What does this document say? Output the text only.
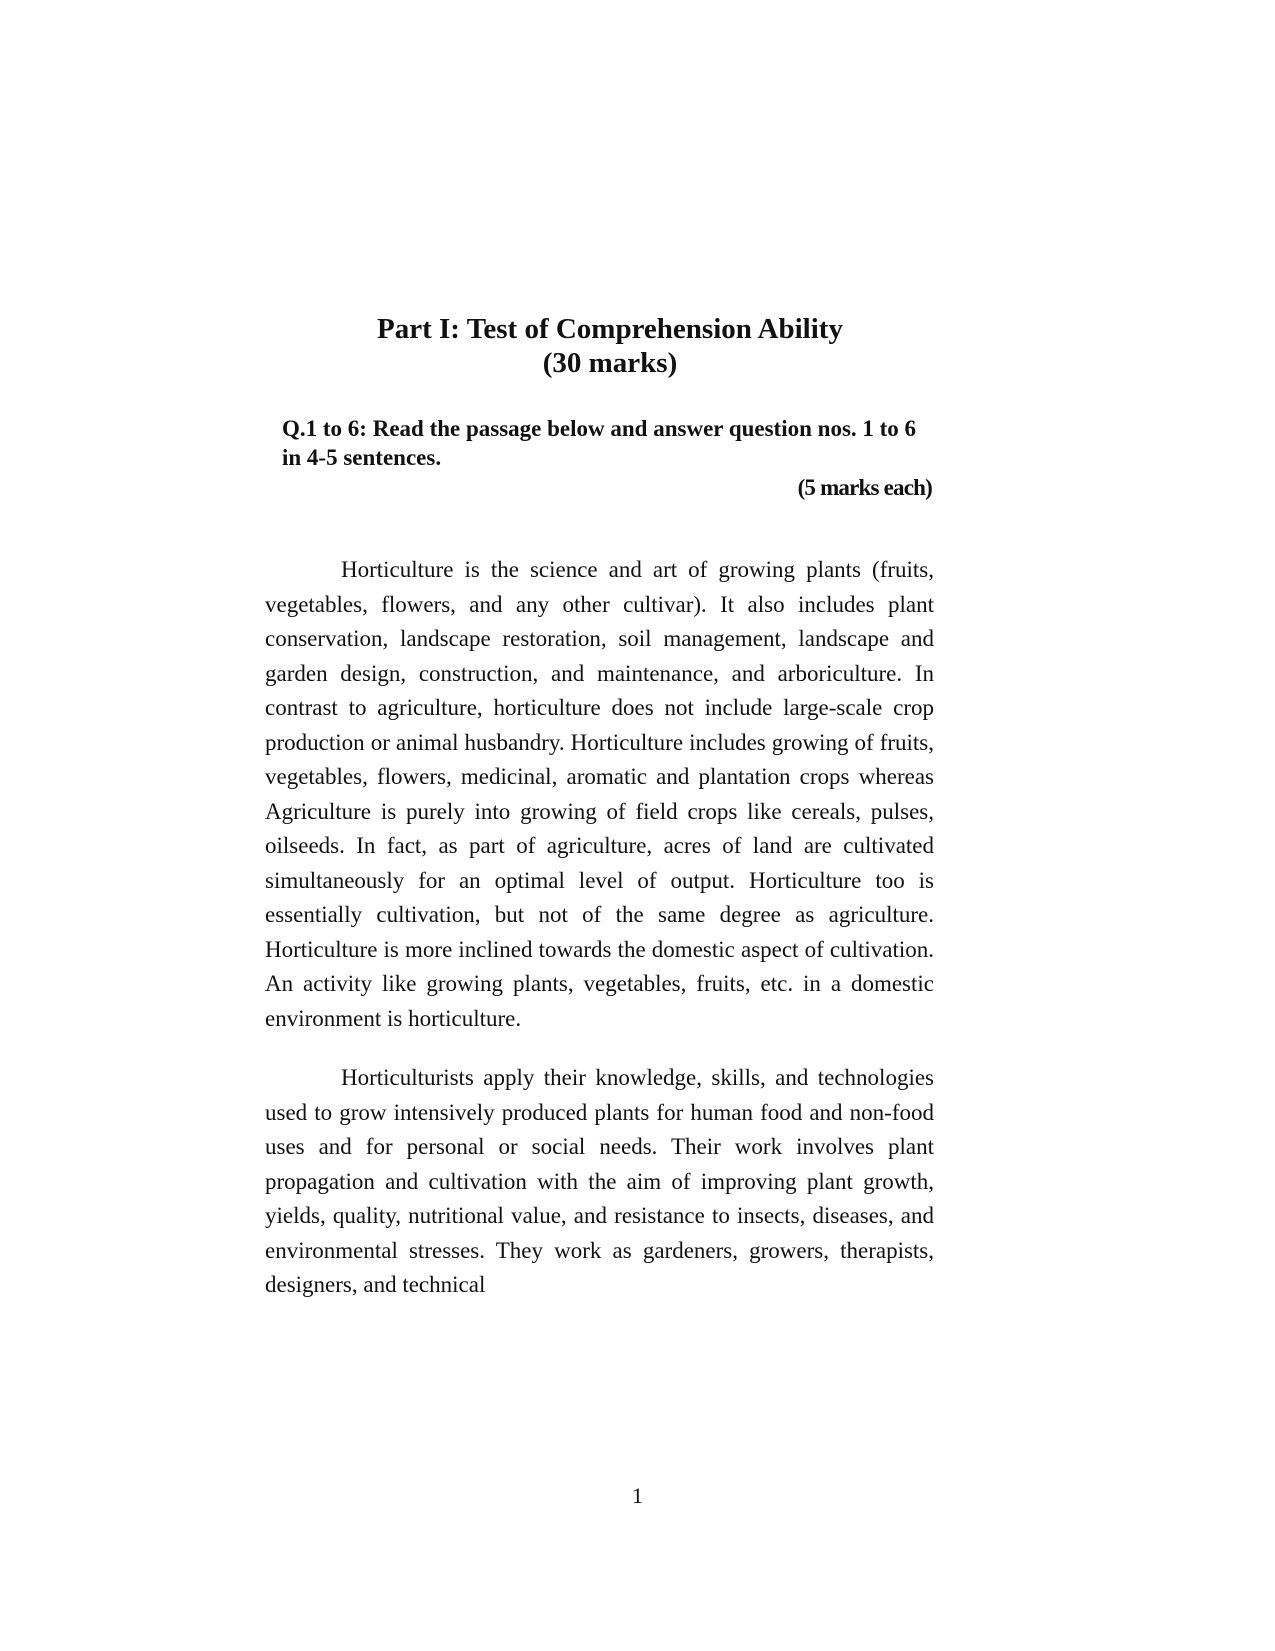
Part I: Test of Comprehension Ability
(30 marks)
Q.1 to 6: Read the passage below and answer question nos. 1 to 6 in 4-5 sentences.
(5 marks each)

Horticulture is the science and art of growing plants (fruits, vegetables, flowers, and any other cultivar). It also includes plant conservation, landscape restoration, soil management, landscape and garden design, construction, and maintenance, and arboriculture. In contrast to agriculture, horticulture does not include large-scale crop production or animal husbandry. Horticulture includes growing of fruits, vegetables, flowers, medicinal, aromatic and plantation crops whereas Agriculture is purely into growing of field crops like cereals, pulses, oilseeds. In fact, as part of agriculture, acres of land are cultivated simultaneously for an optimal level of output. Horticulture too is essentially cultivation, but not of the same degree as agriculture. Horticulture is more inclined towards the domestic aspect of cultivation. An activity like growing plants, vegetables, fruits, etc. in a domestic environment is horticulture.

Horticulturists apply their knowledge, skills, and technologies used to grow intensively produced plants for human food and non-food uses and for personal or social needs. Their work involves plant propagation and cultivation with the aim of improving plant growth, yields, quality, nutritional value, and resistance to insects, diseases, and environmental stresses. They work as gardeners, growers, therapists, designers, and technical

1
